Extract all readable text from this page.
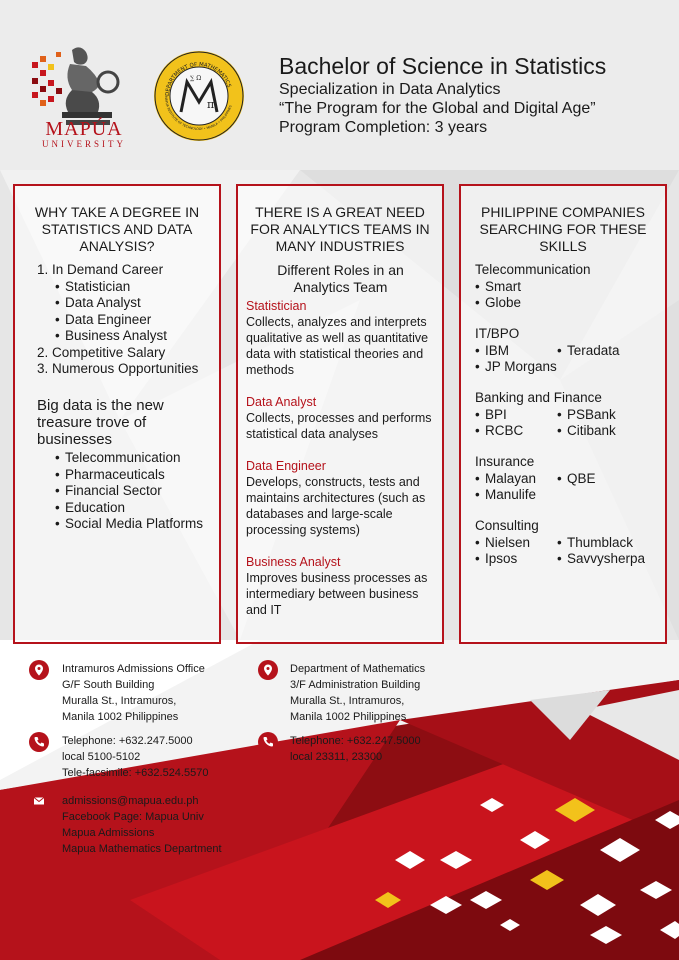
MAPÚA
UNIVERSITY
DEPARTMENT OF MATHEMATICS
MAPÚA INSTITUTE OF TECHNOLOGY • MANILA • PHILIPPINES
π
∑ Ω	Bachelor of Science in Statistics
Specialization in Data Analytics
“The Program for the Global and Digital Age”
Program Completion: 3 years
WHY TAKE A DEGREE IN STATISTICS AND DATA ANALYSIS?
1. In Demand Career
• Statistician
• Data Analyst
• Data Engineer
• Business Analyst
2. Competitive Salary
3. Numerous Opportunities
Big data is the new treasure trove of businesses
• Telecommunication
• Pharmaceuticals
• Financial Sector
• Education
• Social Media Platforms
THERE IS A GREAT NEED FOR ANALYTICS TEAMS IN MANY INDUSTRIES
Different Roles in an Analytics Team
Statistician
Collects, analyzes and interprets qualitative as well as quantitative data with statistical theories and methods
Data Analyst
Collects, processes and performs statistical data analyses
Data Engineer
Develops, constructs, tests and maintains architectures (such as databases and large-scale processing systems)
Business Analyst
Improves business processes as intermediary between business and IT
PHILIPPINE COMPANIES SEARCHING FOR THESE SKILLS
Telecommunication
• Smart
• Globe
IT/BPO
• IBM
• JP Morgans
• Teradata
Banking and Finance
• BPI
• RCBC
• PSBank
• Citibank
Insurance
• Malayan
• Manulife
• QBE
Consulting
• Nielsen
• Ipsos
• Thumblack
• Savvysherpa
Intramuros Admissions Office
G/F South Building
Muralla St., Intramuros,
Manila 1002 Philippines
Telephone: +632.247.5000
local 5100-5102
Tele-facsimile: +632.524.5570
admissions@mapua.edu.ph
Facebook Page: Mapua Univ
Mapua Admissions
Mapua Mathematics Department
Department of Mathematics
3/F Administration Building
Muralla St., Intramuros,
Manila 1002 Philippines
Telephone: +632.247.5000
local 23311, 23300
